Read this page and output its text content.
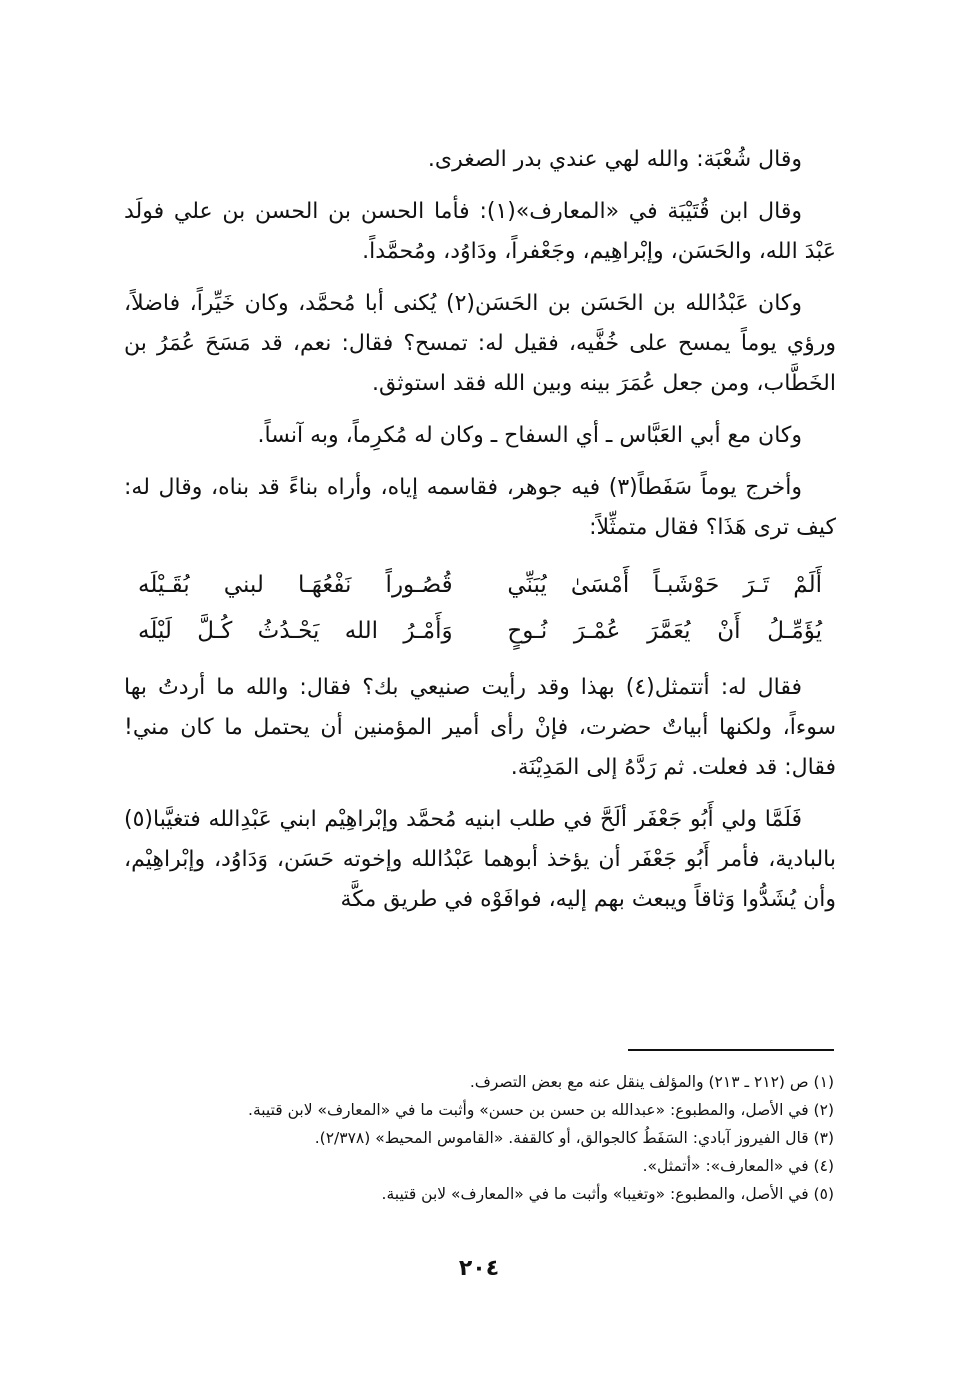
وقال شُعْبَة: والله لهي عندي بدر الصغرى.

وقال ابن قُتَيْبَة في «المعارف»(١): فأما الحسن بن الحسن بن علي فولَد عَبْدَ الله، والحَسَن، وإبْراهِيم، وجَعْفراً، ودَاوُد، ومُحمَّداً.

وكان عَبْدُالله بن الحَسَن بن الحَسَن(٢) يُكنى أبا مُحمَّد، وكان خَيِّراً، فاضلاً، ورؤي يوماً يمسح على خُفَّيه، فقيل له: تمسح؟ فقال: نعم، قد مَسَحَ عُمَرُ بن الخَطَّاب، ومن جعل عُمَرَ بينه وبين الله فقد استوثق.

وكان مع أبي العَبَّاس ـ أي السفاح ـ وكان له مُكرِماً، وبه آنساً.

وأخرج يوماً سَفَطاً(٣) فيه جوهر، فقاسمه إياه، وأراه بناءً قد بناه، وقال له: كيف ترى هَذَا؟ فقال متمثِّلاً:

أَلَمْ تَـرَ حَوْشَبـاً أَمْسَىٰ يُبَنِّي
قُصُـوراً نَفْعُهَـا لبني بُقَـيْلَه
يُؤَمِّـلُ أَنْ يُعَمَّرَ عُمْـرَ نُـوحٍ
وَأَمْـرُ الله يَحْـدُثُ كُـلَّ لَيْلَه

فقال له: أتتمثل(٤) بهذا وقد رأيت صنيعي بك؟ فقال: والله ما أردتُ بها سوءاً، ولكنها أبياتٌ حضرت، فإنْ رأى أمير المؤمنين أن يحتمل ما كان مني! فقال: قد فعلت. ثم رَدَّهُ إلى المَدِيْنَة.

فَلَمَّا ولي أَبُو جَعْفَر ألَحَّ في طلب ابنيه مُحمَّد وإبْراهِيْم ابني عَبْدِالله فتغيَّبا(٥) بالبادية، فأمر أَبُو جَعْفَر أن يؤخذ أبوهما عَبْدُالله وإخوته حَسَن، وَدَاوُد، وإبْراهِيْم، وأن يُشَدُّوا وَثاقاً ويبعث بهم إليه، فوافَوْه في طريق مكَّة

(١) ص (٢١٢ ـ ٢١٣) والمؤلف ينقل عنه مع بعض التصرف.

(٢) في الأصل، والمطبوع: «عبدالله بن حسن بن حسن» وأثبت ما في «المعارف» لابن قتيبة.

(٣) قال الفيروز آبادي: السَفَطُ كالجوالق، أو كالقفة. «القاموس المحيط» (٢/٣٧٨).

(٤) في «المعارف»: «أتمثل».

(٥) في الأصل، والمطبوع: «وتغيبا» وأثبت ما في «المعارف» لابن قتيبة.

٢٠٤
